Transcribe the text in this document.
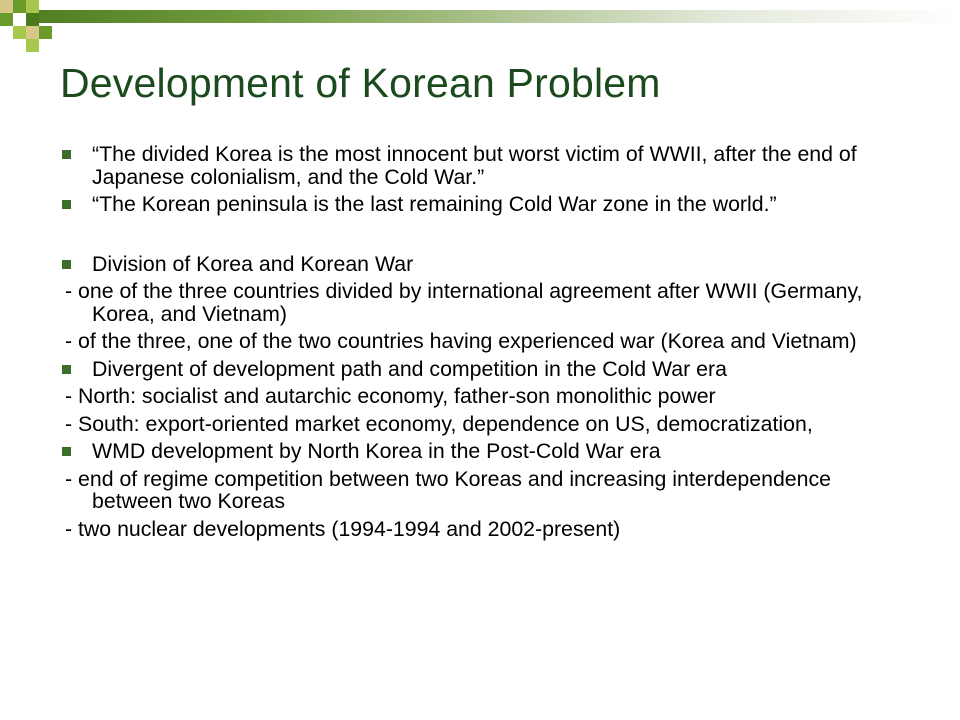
Development of Korean Problem
“The divided Korea is the most innocent but worst victim of WWII, after the end of Japanese colonialism, and the Cold War.”
“The Korean peninsula is the last remaining Cold War zone in the world.”
Division of Korea and Korean War
- one of the three countries divided by international agreement after WWII (Germany, Korea, and Vietnam)
- of the three, one of the two countries having experienced war (Korea and Vietnam)
Divergent of development path and competition in the Cold War era
- North: socialist and autarchic economy, father-son monolithic power
- South: export-oriented market economy, dependence on US, democratization,
WMD development by North Korea in the Post-Cold War era
- end of regime competition between two Koreas and increasing interdependence between two Koreas
- two nuclear developments (1994-1994 and 2002-present)
